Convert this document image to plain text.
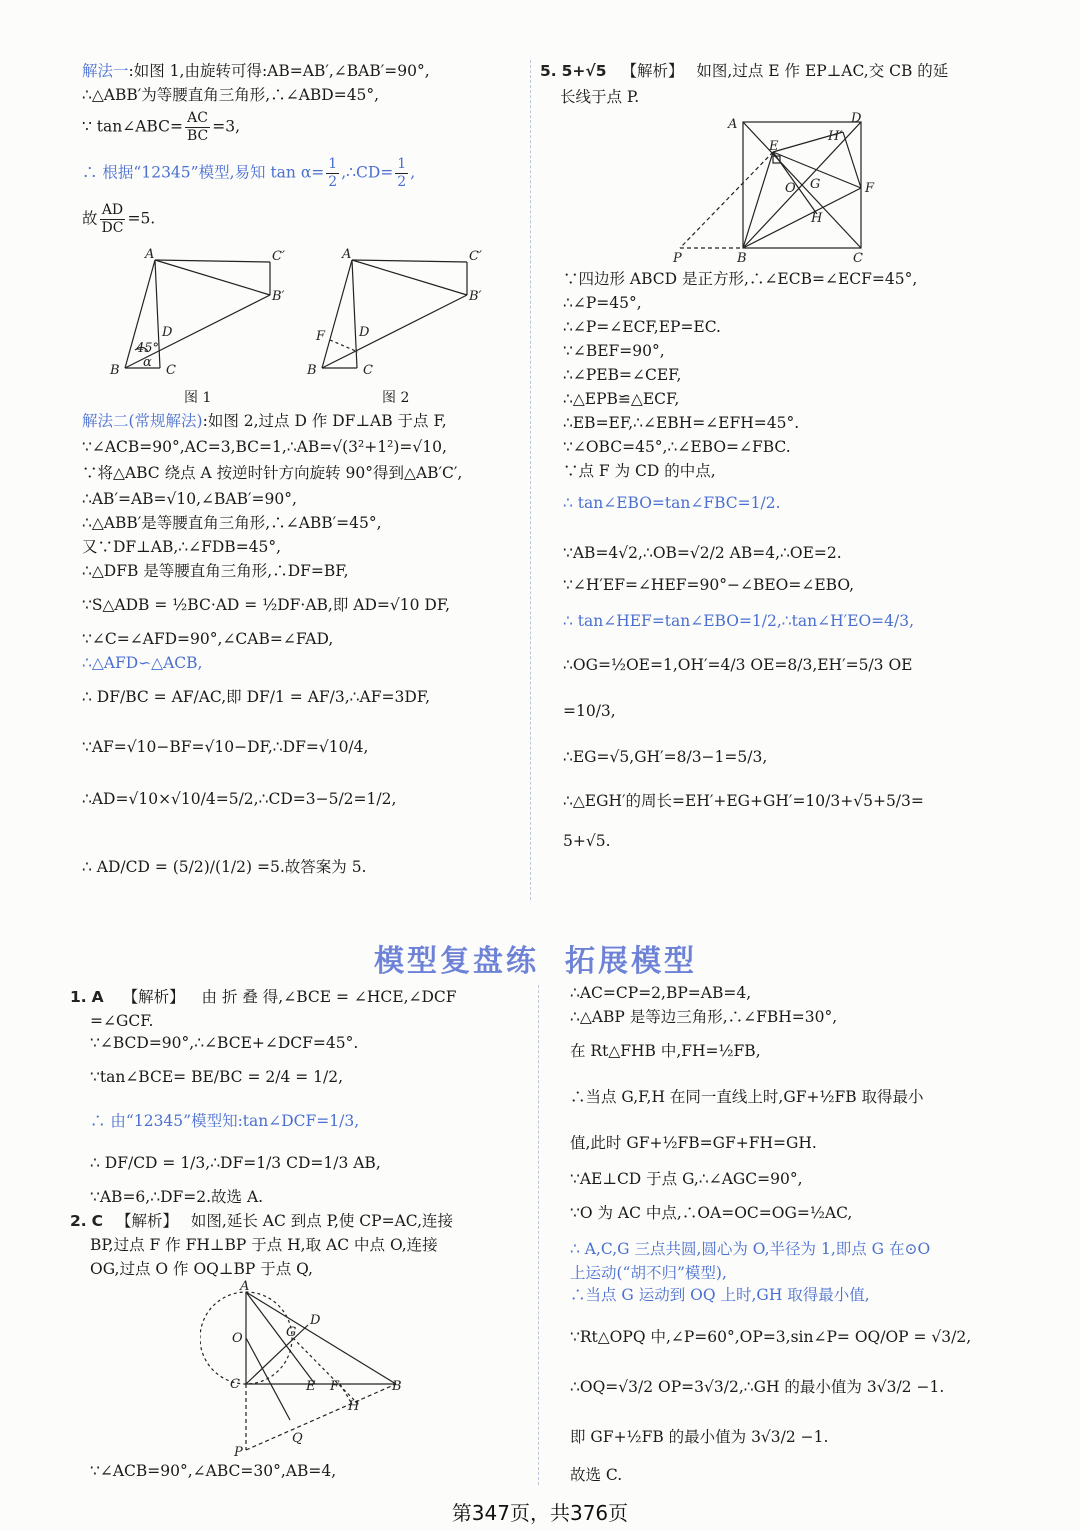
解法一:如图 1,由旋转可得:AB=AB′,∠BAB′=90°,
∴△ABB′为等腰直角三角形,∴∠ABD=45°,
∵ tan∠ABC= $\frac{AC}{BC} =3$,
∴ 根据“12345”模型,易知 $\tan \alpha= \frac{1}{2}$ ,∴CD= $\frac{1}{2}$ ,
故 $\frac{AD}{DC} =5$.
A	C′
B′
D
45°
α
B	C
A	C′
B′
D
F
B	C
图 1	图 2
解法二(常规解法):如图 2,过点 D 作 DF⊥AB 于点 F,
∵∠ACB=90°,AC=3,BC=1,∴AB=√(3²+1²)=√10,
∵将△ABC 绕点 A 按逆时针方向旋转 90°得到△AB′C′,
∴AB′=AB=√10,∠BAB′=90°,
∴△ABB′是等腰直角三角形,∴∠ABB′=45°,
又∵DF⊥AB,∴∠FDB=45°,
∴△DFB 是等腰直角三角形,∴DF=BF,
∵S△ADB = ½BC·AD = ½DF·AB,即 AD=√10 DF,
∵∠C=∠AFD=90°,∠CAB=∠FAD,
∴△AFD∽△ACB,
∴ DF/BC = AF/AC,即 DF/1 = AF/3,∴AF=3DF,
∵AF=√10−BF=√10−DF,∴DF=√10/4,
∴AD=√10×√10/4=5/2,∴CD=3−5/2=1/2,
∴ AD/CD = (5/2)/(1/2) =5.故答案为 5.
5. 5+√5 【解析】 如图,过点 E 作 EP⊥AC,交 CB 的延
长线于点 P.
A	D
H′
E
O G	F
H
P	B	C
∵四边形 ABCD 是正方形,∴∠ECB=∠ECF=45°,
∴∠P=45°,
∴∠P=∠ECF,EP=EC.
∵∠BEF=90°,
∴∠PEB=∠CEF,
∴△EPB≌△ECF,
∴EB=EF,∴∠EBH=∠EFH=45°.
∵∠OBC=45°,∴∠EBO=∠FBC.
∵点 F 为 CD 的中点,
∴ tan∠EBO=tan∠FBC=1/2.
∵AB=4√2,∴OB=√2/2 AB=4,∴OE=2.
∵∠H′EF=∠HEF=90°−∠BEO=∠EBO,
∴ tan∠HEF=tan∠EBO=1/2,∴tan∠H′EO=4/3,
∴OG=½OE=1,OH′=4/3 OE=8/3,EH′=5/3 OE
=10/3,
∴EG=√5,GH′=8/3−1=5/3,
∴△EGH′的周长=EH′+EG+GH′=10/3+√5+5/3=
5+√5.
模型复盘练 拓展模型
1. A 【解析】 由 折 叠 得,∠BCE = ∠HCE,∠DCF
=∠GCF.
∵∠BCD=90°,∴∠BCE+∠DCF=45°.
∵tan∠BCE= BE/BC = 2/4 = 1/2,
∴ 由“12345”模型知:tan∠DCF=1/3,
∴ DF/CD = 1/3,∴DF=1/3 CD=1/3 AB,
∵AB=6,∴DF=2.故选 A.
2. C 【解析】 如图,延长 AC 到点 P,使 CP=AC,连接
BP,过点 F 作 FH⊥BP 于点 H,取 AC 中点 O,连接
OG,过点 O 作 OQ⊥BP 于点 Q,
A
D
O	G
C	E F	B
H
Q
P
∵∠ACB=90°,∠ABC=30°,AB=4,
∴AC=CP=2,BP=AB=4,
∴△ABP 是等边三角形,∴∠FBH=30°,
在 Rt△FHB 中,FH=½FB,
∴当点 G,F,H 在同一直线上时,GF+½FB 取得最小
值,此时 GF+½FB=GF+FH=GH.
∵AE⊥CD 于点 G,∴∠AGC=90°,
∵O 为 AC 中点,∴OA=OC=OG=½AC,
∴ A,C,G 三点共圆,圆心为 O,半径为 1,即点 G 在⊙O
上运动(“胡不归”模型),
∴当点 G 运动到 OQ 上时,GH 取得最小值,
∵Rt△OPQ 中,∠P=60°,OP=3,sin∠P= OQ/OP = √3/2,
∴OQ=√3/2 OP=3√3/2,∴GH 的最小值为 3√3/2 −1.
即 GF+½FB 的最小值为 3√3/2 −1.
故选 C.
第347页，共376页
